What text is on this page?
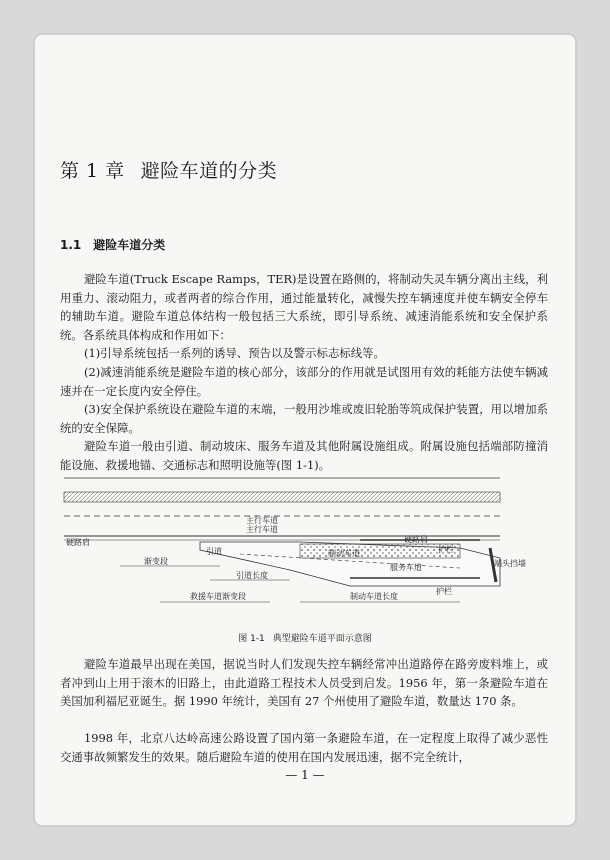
第 1 章 避险车道的分类
1.1 避险车道分类

避险车道(Truck Escape Ramps，TER)是设置在路侧的，将制动失灵车辆分离出主线，利用重力、滚动阻力，或者两者的综合作用，通过能量转化，减慢失控车辆速度并使车辆安全停车的辅助车道。避险车道总体结构一般包括三大系统，即引导系统、减速消能系统和安全保护系统。各系统具体构成和作用如下：

(1)引导系统包括一系列的诱导、预告以及警示标志标线等。

(2)减速消能系统是避险车道的核心部分，该部分的作用就是试图用有效的耗能方法使车辆减速并在一定长度内安全停住。

(3)安全保护系统设在避险车道的末端，一般用沙堆或废旧轮胎等筑成保护装置，用以增加系统的安全保障。

避险车道一般由引道、制动坡床、服务车道及其他附属设施组成。附属设施包括端部防撞消能设施、救援地锚、交通标志和照明设施等(图 1-1)。

主行车道
主行车道
硬路肩	硬路肩
引道
渐变段
引道长度
制动车道	护栏
端头挡墙
服务车道
护栏
救援车道渐变段	制动车道长度

图 1-1 典型避险车道平面示意图

避险车道最早出现在美国，据说当时人们发现失控车辆经常冲出道路停在路旁废料堆上，或者冲到山上用于滚木的旧路上，由此道路工程技术人员受到启发。1956 年，第一条避险车道在美国加利福尼亚诞生。据 1990 年统计，美国有 27 个州使用了避险车道，数量达 170 条。

1998 年，北京八达岭高速公路设置了国内第一条避险车道，在一定程度上取得了减少恶性交通事故频繁发生的效果。随后避险车道的使用在国内发展迅速，据不完全统计，

— 1 —
